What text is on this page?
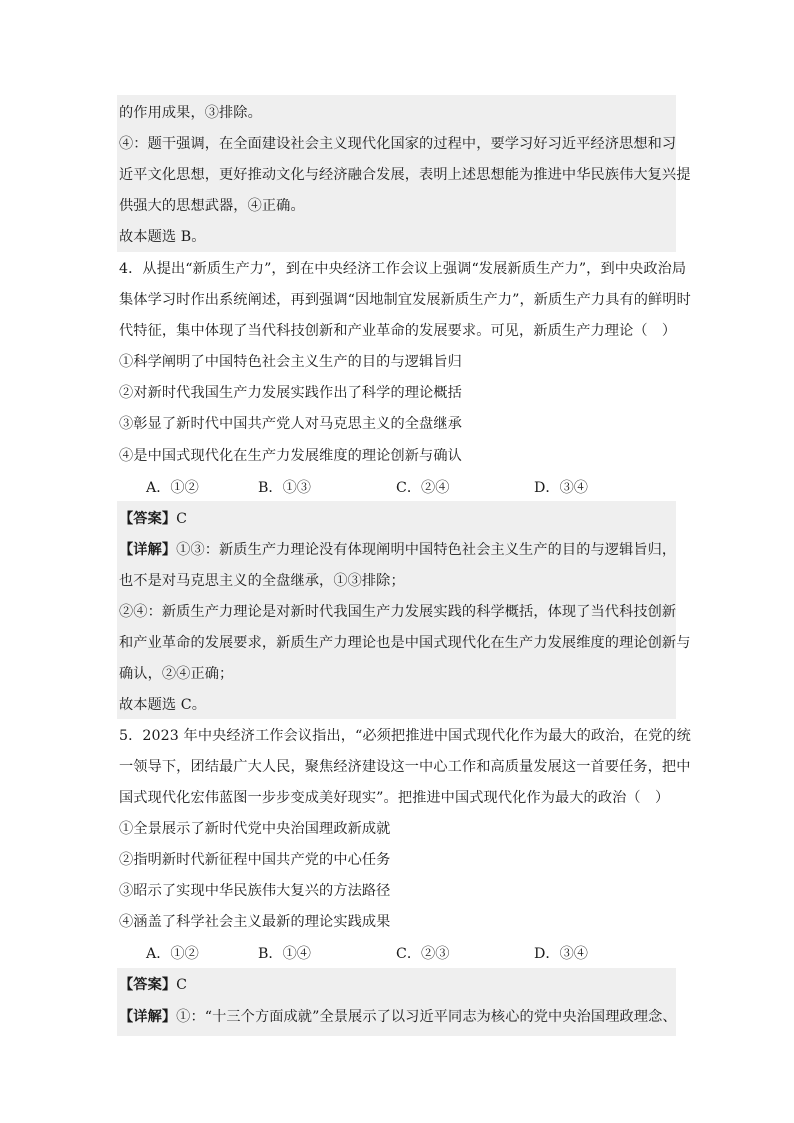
的作用成果，③排除。
④：题干强调，在全面建设社会主义现代化国家的过程中，要学习好习近平经济思想和习
近平文化思想，更好推动文化与经济融合发展，表明上述思想能为推进中华民族伟大复兴提
供强大的思想武器，④正确。
故本题选 B。
4．从提出“新质生产力”，到在中央经济工作会议上强调“发展新质生产力”，到中央政治局
集体学习时作出系统阐述，再到强调“因地制宜发展新质生产力”，新质生产力具有的鲜明时
代特征，集中体现了当代科技创新和产业革命的发展要求。可见，新质生产力理论（　）
①科学阐明了中国特色社会主义生产的目的与逻辑旨归
②对新时代我国生产力发展实践作出了科学的理论概括
③彰显了新时代中国共产党人对马克思主义的全盘继承
④是中国式现代化在生产力发展维度的理论创新与确认
A．①②	B．①③	C．②④	D．③④
【答案】C
【详解】①③：新质生产力理论没有体现阐明中国特色社会主义生产的目的与逻辑旨归，
也不是对马克思主义的全盘继承，①③排除；
②④：新质生产力理论是对新时代我国生产力发展实践的科学概括，体现了当代科技创新
和产业革命的发展要求，新质生产力理论也是中国式现代化在生产力发展维度的理论创新与
确认，②④正确；
故本题选 C。
5．2023 年中央经济工作会议指出，“必须把推进中国式现代化作为最大的政治，在党的统
一领导下，团结最广大人民，聚焦经济建设这一中心工作和高质量发展这一首要任务，把中
国式现代化宏伟蓝图一步步变成美好现实”。把推进中国式现代化作为最大的政治（　）
①全景展示了新时代党中央治国理政新成就
②指明新时代新征程中国共产党的中心任务
③昭示了实现中华民族伟大复兴的方法路径
④涵盖了科学社会主义最新的理论实践成果
A．①②	B．①④	C．②③	D．③④
【答案】C
【详解】①：“十三个方面成就”全景展示了以习近平同志为核心的党中央治国理政理念、
